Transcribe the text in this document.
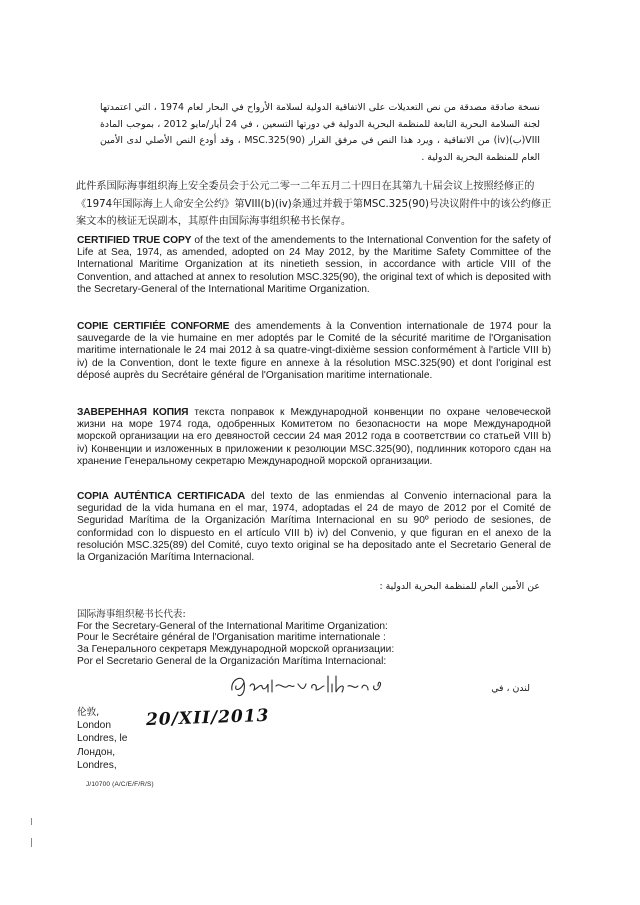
نسخة صادقة مصدقة من نص التعديلات على الاتفاقية الدولية لسلامة الأرواح في البحار لعام 1974 ، التي اعتمدتها لجنة السلامة البحرية التابعة للمنظمة البحرية الدولية في دورتها التسعين ، في 24 أيار/مايو 2012 ، بموجب المادة VIII(ب)(iv) من الاتفاقية ، ويرد هذا النص في مرفق القرار (90)MSC.325 ، وقد أودع النص الأصلي لدى الأمين العام للمنظمة البحرية الدولية .
此件系国际海事组织海上安全委员会于公元二零一二年五月二十四日在其第九十届会议上按照经修正的《1974年国际海上人命安全公约》第VIII(b)(iv)条通过并载于第MSC.325(90)号决议附件中的该公约修正案文本的核证无误副本，其原件由国际海事组织秘书长保存。
CERTIFIED TRUE COPY of the text of the amendements to the International Convention for the safety of Life at Sea, 1974, as amended, adopted on 24 May 2012, by the Maritime Safety Committee of the International Maritime Organization at its ninetieth session, in accordance with article VIII of the Convention, and attached at annex to resolution MSC.325(90), the original text of which is deposited with the Secretary-General of the International Maritime Organization.
COPIE CERTIFIÉE CONFORME des amendements à la Convention internationale de 1974 pour la sauvegarde de la vie humaine en mer adoptés par le Comité de la sécurité maritime de l'Organisation maritime internationale le 24 mai 2012 à sa quatre-vingt-dixième session conformément à l'article VIII b) iv) de la Convention, dont le texte figure en annexe à la résolution MSC.325(90) et dont l'original est déposé auprès du Secrétaire général de l'Organisation maritime internationale.
ЗАВЕРЕННАЯ КОПИЯ текста поправок к Международной конвенции по охране человеческой жизни на море 1974 года, одобренных Комитетом по безопасности на море Международной морской организации на его девяностой сессии 24 мая 2012 года в соответствии со статьей VIII b) iv) Конвенции и изложенных в приложении к резолюции MSC.325(90), подлинник которого сдан на хранение Генеральному секретарю Международной морской организации.
COPIA AUTÉNTICA CERTIFICADA del texto de las enmiendas al Convenio internacional para la seguridad de la vida humana en el mar, 1974, adoptadas el 24 de mayo de 2012 por el Comité de Seguridad Marítima de la Organización Marítima Internacional en su 90º periodo de sesiones, de conformidad con lo dispuesto en el artículo VIII b) iv) del Convenio, y que figuran en el anexo de la resolución MSC.325(89) del Comité, cuyo texto original se ha depositado ante el Secretario General de la Organización Marítima Internacional.
عن الأمين العام للمنظمة البحرية الدولية :
国际海事组织秘书长代表:
For the Secretary-General of the International Maritime Organization:
Pour le Secrétaire général de l'Organisation maritime internationale :
За Генерального секретаря Международной морской организации:
Por el Secretario General de la Organización Marítima Internacional:
لندن ، في
伦敦,
London
Londres, le
Лондон,
Londres,
20/XII/2013
J/10700 (A/C/E/F/R/S)
